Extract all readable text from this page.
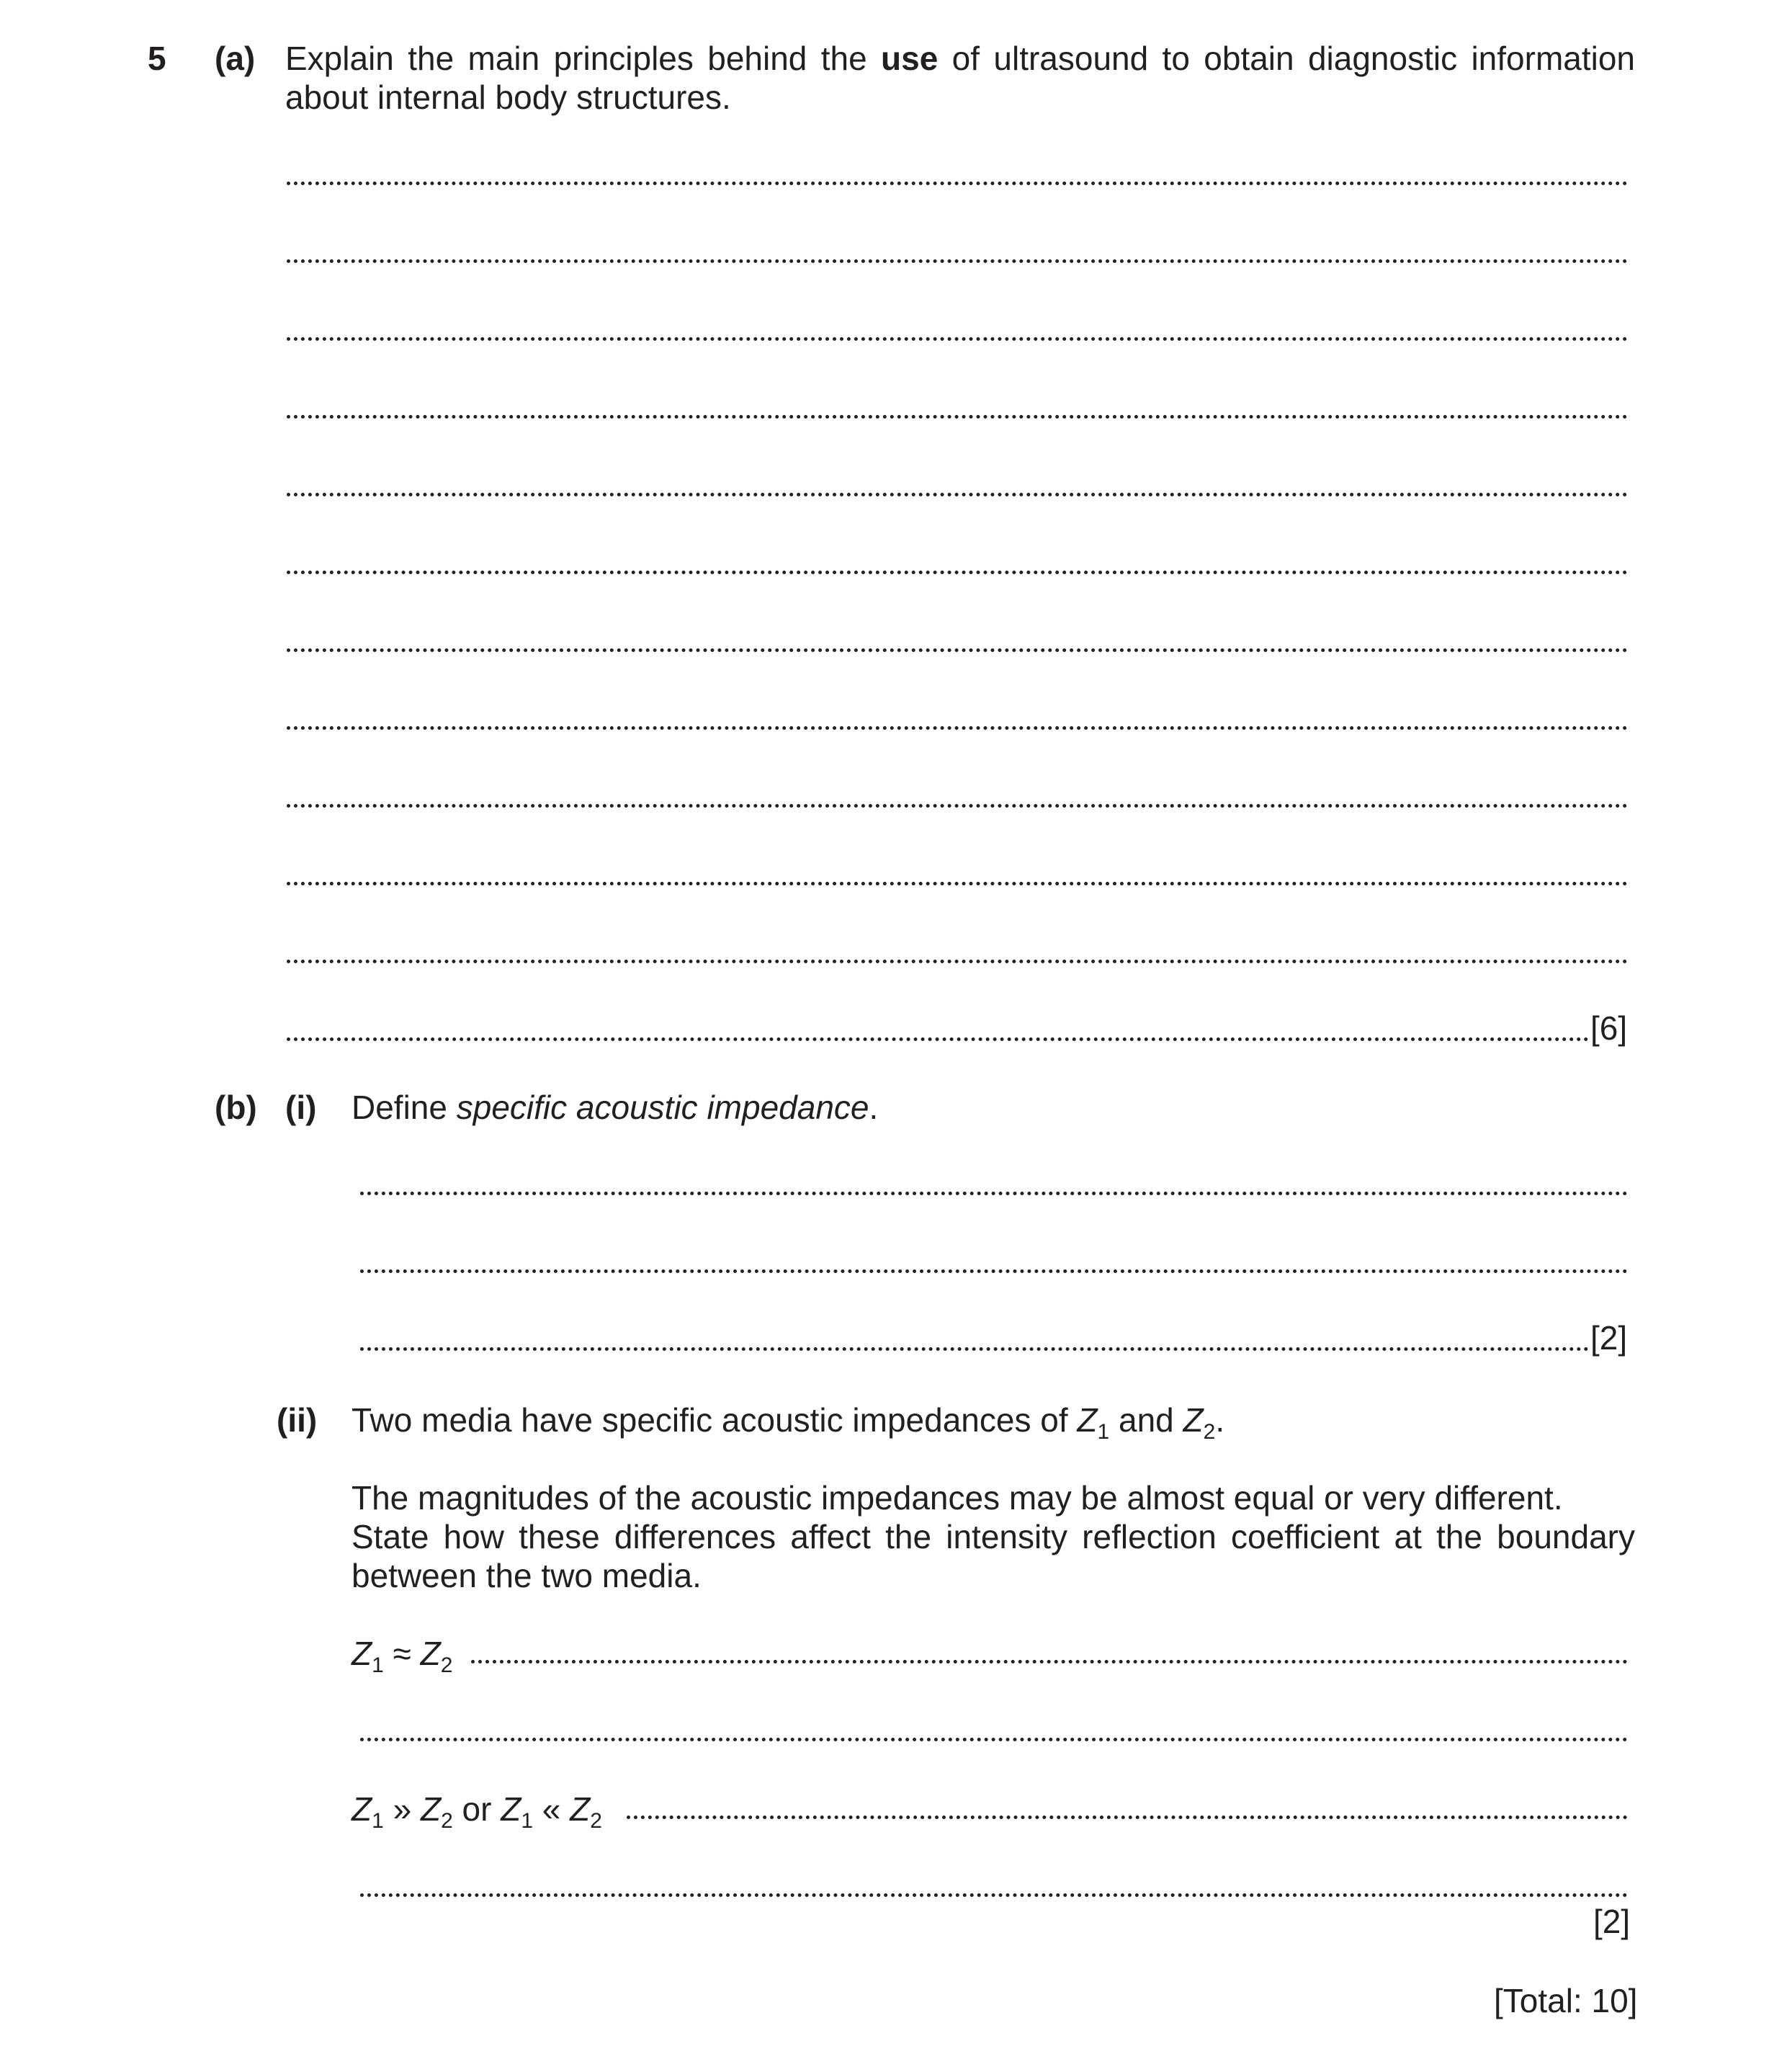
5 (a) Explain the main principles behind the use of ultrasound to obtain diagnostic information
about internal body structures.
[6]
(b) (i) Define specific acoustic impedance.
[2]
(ii) Two media have specific acoustic impedances of $Z_1$ and $Z_2$.
The magnitudes of the acoustic impedances may be almost equal or very different.
State how these differences affect the intensity reflection coefficient at the boundary
between the two media.
$Z_1 \approx Z_2$
$Z_1$ » $Z_2$ or $Z_1$ « $Z_2$
[2]
[Total: 10]
